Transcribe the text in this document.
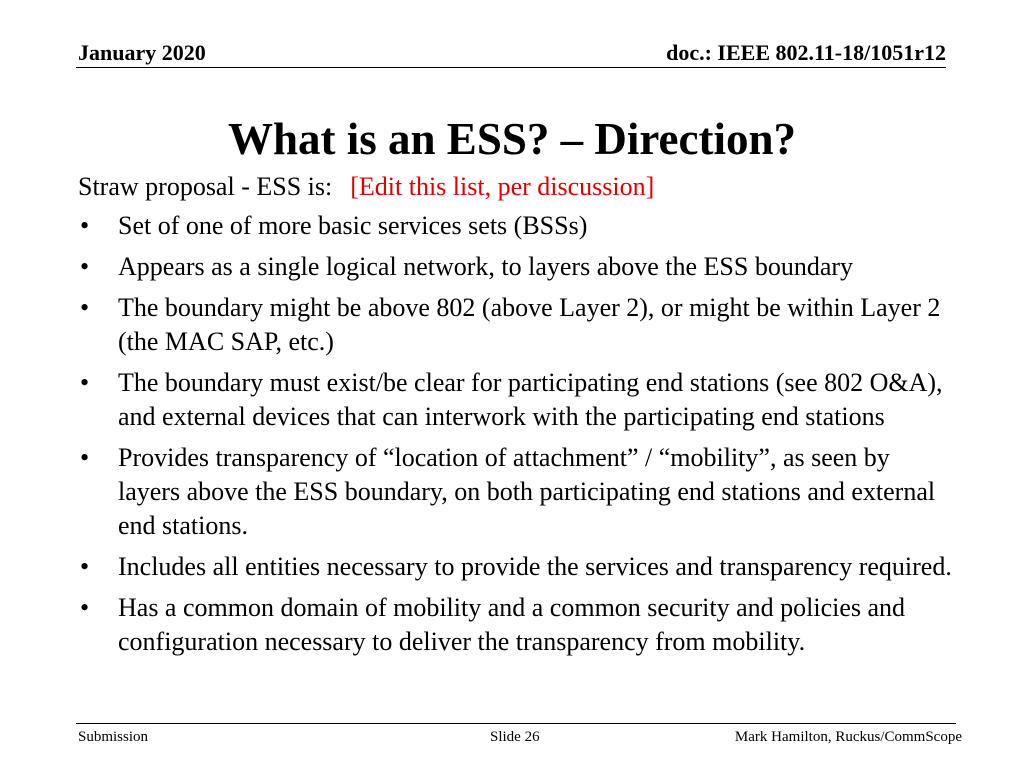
January 2020	doc.: IEEE 802.11-18/1051r12
What is an ESS? – Direction?
Straw proposal - ESS is: [Edit this list, per discussion]
• Set of one of more basic services sets (BSSs)
• Appears as a single logical network, to layers above the ESS boundary
• The boundary might be above 802 (above Layer 2), or might be within Layer 2 (the MAC SAP, etc.)
• The boundary must exist/be clear for participating end stations (see 802 O&A), and external devices that can interwork with the participating end stations
• Provides transparency of “location of attachment” / “mobility”, as seen by layers above the ESS boundary, on both participating end stations and external end stations.
• Includes all entities necessary to provide the services and transparency required.
• Has a common domain of mobility and a common security and policies and configuration necessary to deliver the transparency from mobility.
Submission	Slide 26	Mark Hamilton, Ruckus/CommScope
